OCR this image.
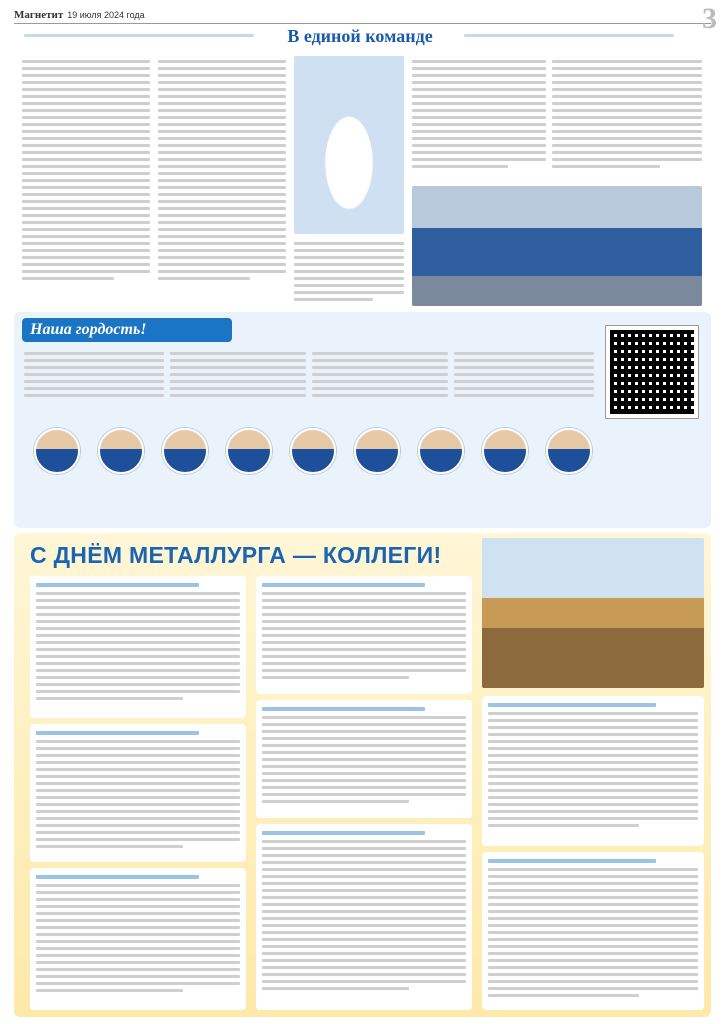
Магнетит 19 июля 2024 года	3
В единой команде
Наша гордость!
С ДНЁМ МЕТАЛЛУРГА — КОЛЛЕГИ!
